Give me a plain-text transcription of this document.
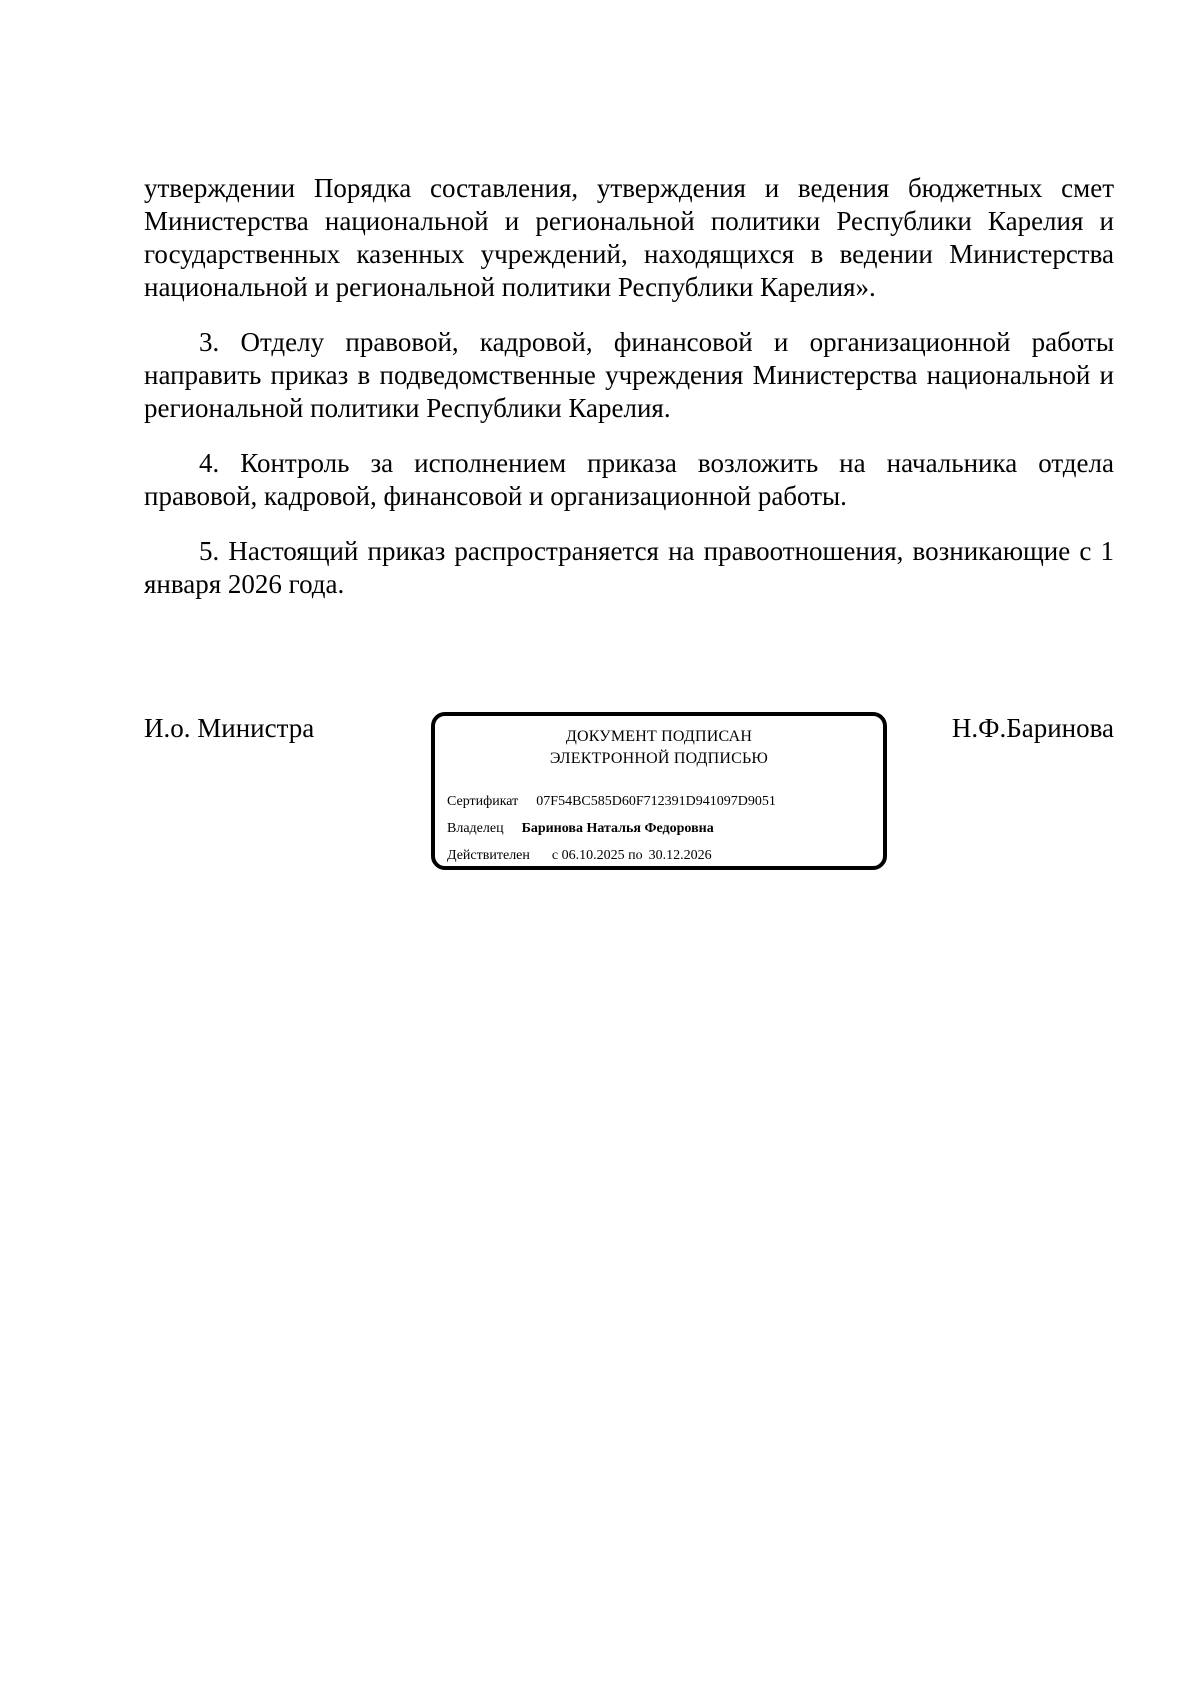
утверждении Порядка составления, утверждения и ведения бюджетных смет Министерства национальной и региональной политики Республики Карелия и государственных казенных учреждений, находящихся в ведении Министерства национальной и региональной политики Республики Карелия».

3. Отделу правовой, кадровой, финансовой и организационной работы направить приказ в подведомственные учреждения Министерства национальной и региональной политики Республики Карелия.

4. Контроль за исполнением приказа возложить на начальника отдела правовой, кадровой, финансовой и организационной работы.

5. Настоящий приказ распространяется на правоотношения, возникающие с 1 января 2026 года.

И.о. Министра	ДОКУМЕНТ ПОДПИСАН
ЭЛЕКТРОННОЙ ПОДПИСЬЮ
Сертификат 07F54BC585D60F712391D941097D9051
Владелец Баринова Наталья Федоровна
Действителен с 06.10.2025 по 30.12.2026
Н.Ф.Баринова
